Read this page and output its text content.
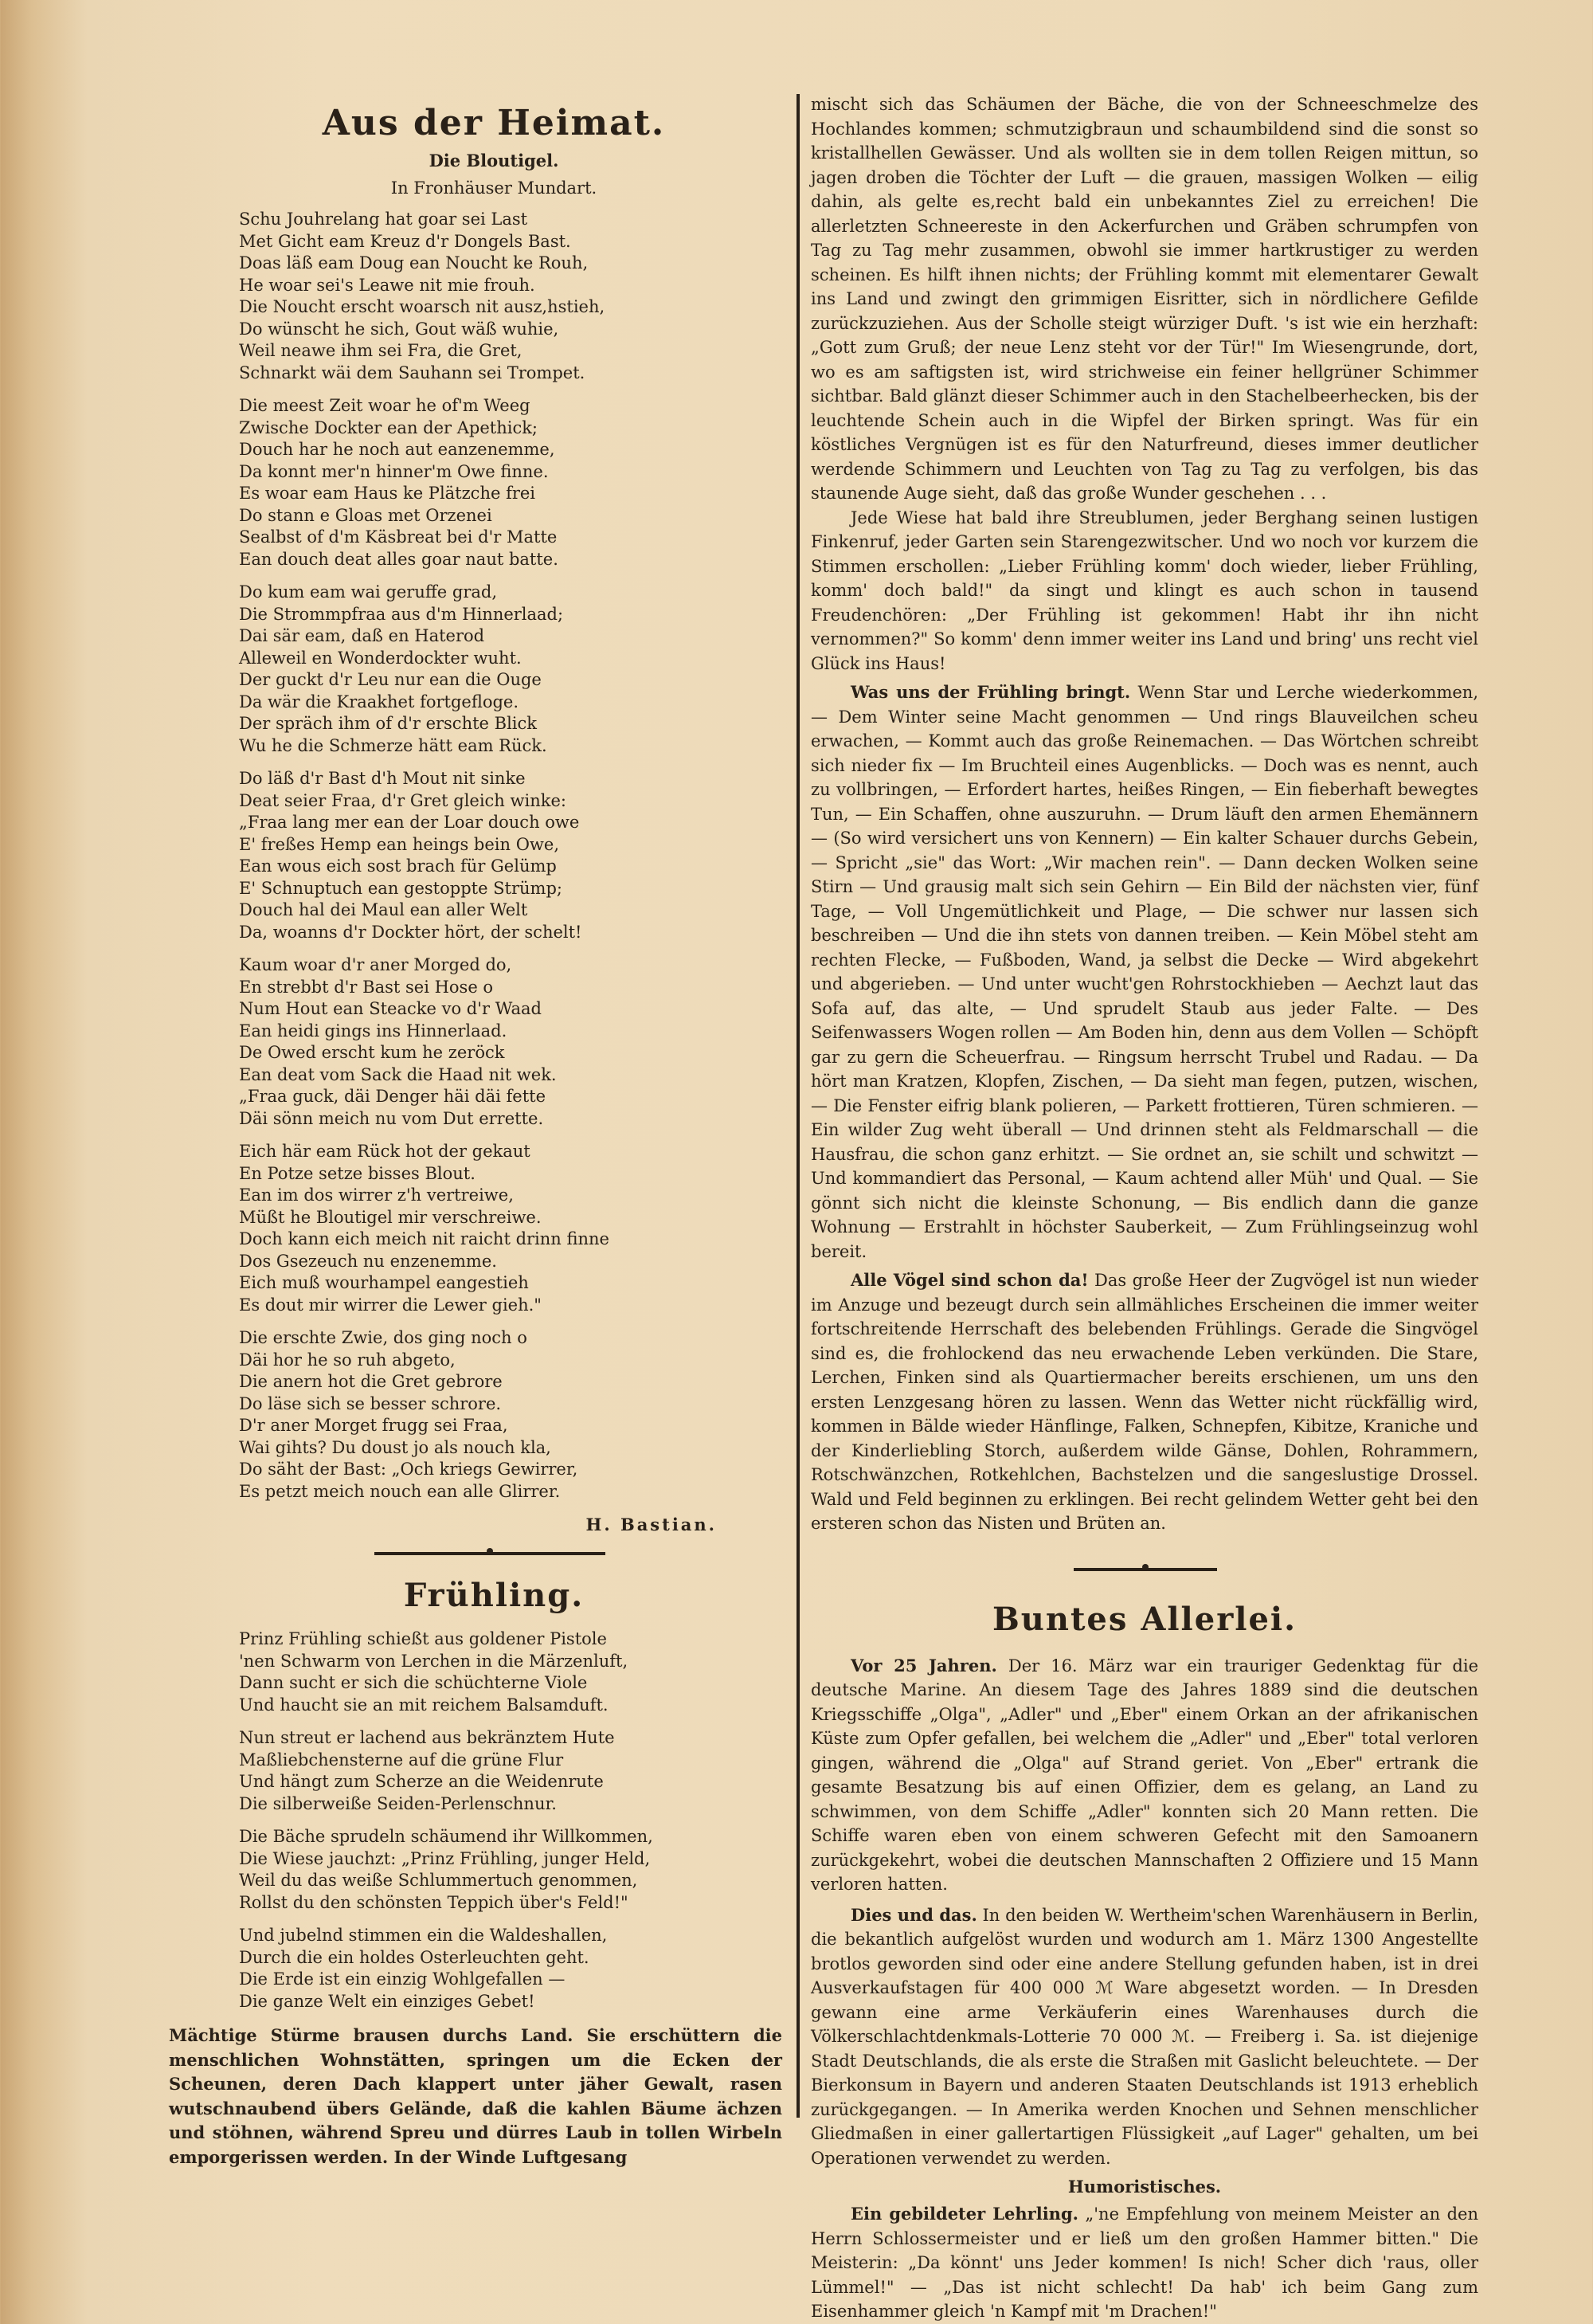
Aus der Heimat.
Die Bloutigel.
In Fronhäuser Mundart.
Schu Jouhrelang hat goar sei Last
Met Gicht eam Kreuz d'r Dongels Bast.
Doas läß eam Doug ean Noucht ke Rouh,
He woar sei's Leawe nit mie frouh.
Die Noucht erscht woarsch nit ausz,hstieh,
Do wünscht he sich, Gout wäß wuhie,
Weil neawe ihm sei Fra, die Gret,
Schnarkt wäi dem Sauhann sei Trompet.
Die meest Zeit woar he of'm Weeg
Zwische Dockter ean der Apethick;
Douch har he noch aut eanzenemme,
Da konnt mer'n hinner'm Owe finne.
Es woar eam Haus ke Plätzche frei
Do stann e Gloas met Orzenei
Sealbst of d'm Käsbreat bei d'r Matte
Ean douch deat alles goar naut batte.
Do kum eam wai geruffe grad,
Die Strommpfraa aus d'm Hinnerlaad;
Dai sär eam, daß en Haterod
Alleweil en Wonderdockter wuht.
Der guckt d'r Leu nur ean die Ouge
Da wär die Kraakhet fortgefloge.
Der spräch ihm of d'r erschte Blick
Wu he die Schmerze hätt eam Rück.
Do läß d'r Bast d'h Mout nit sinke
Deat seier Fraa, d'r Gret gleich winke:
„Fraa lang mer ean der Loar douch owe
E' freßes Hemp ean heings bein Owe,
Ean wous eich sost brach für Gelümp
E' Schnuptuch ean gestoppte Strümp;
Douch hal dei Maul ean aller Welt
Da, woanns d'r Dockter hört, der schelt!
Kaum woar d'r aner Morged do,
En strebbt d'r Bast sei Hose o
Num Hout ean Steacke vo d'r Waad
Ean heidi gings ins Hinnerlaad.
De Owed erscht kum he zeröck
Ean deat vom Sack die Haad nit wek.
„Fraa guck, däi Denger häi däi fette
Däi sönn meich nu vom Dut errette.
Eich här eam Rück hot der gekaut
En Potze setze bisses Blout.
Ean im dos wirrer z'h vertreiwe,
Müßt he Bloutigel mir verschreiwe.
Doch kann eich meich nit raicht drinn finne
Dos Gsezeuch nu enzenemme.
Eich muß wourhampel eangestieh
Es dout mir wirrer die Lewer gieh."
Die erschte Zwie, dos ging noch o
Däi hor he so ruh abgeto,
Die anern hot die Gret gebrore
Do läse sich se besser schrore.
D'r aner Morget frugg sei Fraa,
Wai gihts? Du doust jo als nouch kla,
Do säht der Bast: „Och kriegs Gewirrer,
Es petzt meich nouch ean alle Glirrer.
H. Bastian.
Frühling.
Prinz Frühling schießt aus goldener Pistole
'nen Schwarm von Lerchen in die Märzenluft,
Dann sucht er sich die schüchterne Viole
Und haucht sie an mit reichem Balsamduft.
Nun streut er lachend aus bekränztem Hute
Maßliebchensterne auf die grüne Flur
Und hängt zum Scherze an die Weidenrute
Die silberweiße Seiden-Perlenschnur.
Die Bäche sprudeln schäumend ihr Willkommen,
Die Wiese jauchzt: „Prinz Frühling, junger Held,
Weil du das weiße Schlummertuch genommen,
Rollst du den schönsten Teppich über's Feld!"
Und jubelnd stimmen ein die Waldeshallen,
Durch die ein holdes Osterleuchten geht.
Die Erde ist ein einzig Wohlgefallen —
Die ganze Welt ein einziges Gebet!

Mächtige Stürme brausen durchs Land. Sie erschüttern die menschlichen Wohnstätten, springen um die Ecken der Scheunen, deren Dach klappert unter jäher Gewalt, rasen wutschnaubend übers Gelände, daß die kahlen Bäume ächzen und stöhnen, während Spreu und dürres Laub in tollen Wirbeln emporgerissen werden. In der Winde Luftgesang

mischt sich das Schäumen der Bäche, die von der Schneeschmelze des Hochlandes kommen; schmutzigbraun und schaumbildend sind die sonst so kristallhellen Gewässer. Und als wollten sie in dem tollen Reigen mittun, so jagen droben die Töchter der Luft — die grauen, massigen Wolken — eilig dahin, als gelte es,recht bald ein unbekanntes Ziel zu erreichen! Die allerletzten Schneereste in den Ackerfurchen und Gräben schrumpfen von Tag zu Tag mehr zusammen, obwohl sie immer hartkrustiger zu werden scheinen. Es hilft ihnen nichts; der Frühling kommt mit elementarer Gewalt ins Land und zwingt den grimmigen Eisritter, sich in nördlichere Gefilde zurückzuziehen. Aus der Scholle steigt würziger Duft. 's ist wie ein herzhaft: „Gott zum Gruß; der neue Lenz steht vor der Tür!" Im Wiesengrunde, dort, wo es am saftigsten ist, wird strichweise ein feiner hellgrüner Schimmer sichtbar. Bald glänzt dieser Schimmer auch in den Stachelbeerhecken, bis der leuchtende Schein auch in die Wipfel der Birken springt. Was für ein köstliches Vergnügen ist es für den Naturfreund, dieses immer deutlicher werdende Schimmern und Leuchten von Tag zu Tag zu verfolgen, bis das staunende Auge sieht, daß das große Wunder geschehen . . .

Jede Wiese hat bald ihre Streublumen, jeder Berghang seinen lustigen Finkenruf, jeder Garten sein Starengezwitscher. Und wo noch vor kurzem die Stimmen erschollen: „Lieber Frühling komm' doch wieder, lieber Frühling, komm' doch bald!" da singt und klingt es auch schon in tausend Freudenchören: „Der Frühling ist gekommen! Habt ihr ihn nicht vernommen?" So komm' denn immer weiter ins Land und bring' uns recht viel Glück ins Haus!

Was uns der Frühling bringt. Wenn Star und Lerche wiederkommen, — Dem Winter seine Macht genommen — Und rings Blauveilchen scheu erwachen, — Kommt auch das große Reinemachen. — Das Wörtchen schreibt sich nieder fix — Im Bruchteil eines Augenblicks. — Doch was es nennt, auch zu vollbringen, — Erfordert hartes, heißes Ringen, — Ein fieberhaft bewegtes Tun, — Ein Schaffen, ohne auszuruhn. — Drum läuft den armen Ehemännern — (So wird versichert uns von Kennern) — Ein kalter Schauer durchs Gebein, — Spricht „sie" das Wort: „Wir machen rein". — Dann decken Wolken seine Stirn — Und grausig malt sich sein Gehirn — Ein Bild der nächsten vier, fünf Tage, — Voll Ungemütlichkeit und Plage, — Die schwer nur lassen sich beschreiben — Und die ihn stets von dannen treiben. — Kein Möbel steht am rechten Flecke, — Fußboden, Wand, ja selbst die Decke — Wird abgekehrt und abgerieben. — Und unter wucht'gen Rohrstockhieben — Aechzt laut das Sofa auf, das alte, — Und sprudelt Staub aus jeder Falte. — Des Seifenwassers Wogen rollen — Am Boden hin, denn aus dem Vollen — Schöpft gar zu gern die Scheuerfrau. — Ringsum herrscht Trubel und Radau. — Da hört man Kratzen, Klopfen, Zischen, — Da sieht man fegen, putzen, wischen, — Die Fenster eifrig blank polieren, — Parkett frottieren, Türen schmieren. — Ein wilder Zug weht überall — Und drinnen steht als Feldmarschall — die Hausfrau, die schon ganz erhitzt. — Sie ordnet an, sie schilt und schwitzt — Und kommandiert das Personal, — Kaum achtend aller Müh' und Qual. — Sie gönnt sich nicht die kleinste Schonung, — Bis endlich dann die ganze Wohnung — Erstrahlt in höchster Sauberkeit, — Zum Frühlingseinzug wohl bereit.

Alle Vögel sind schon da! Das große Heer der Zugvögel ist nun wieder im Anzuge und bezeugt durch sein allmähliches Erscheinen die immer weiter fortschreitende Herrschaft des belebenden Frühlings. Gerade die Singvögel sind es, die frohlockend das neu erwachende Leben verkünden. Die Stare, Lerchen, Finken sind als Quartiermacher bereits erschienen, um uns den ersten Lenzgesang hören zu lassen. Wenn das Wetter nicht rückfällig wird, kommen in Bälde wieder Hänflinge, Falken, Schnepfen, Kibitze, Kraniche und der Kinderliebling Storch, außerdem wilde Gänse, Dohlen, Rohrammern, Rotschwänzchen, Rotkehlchen, Bachstelzen und die sangeslustige Drossel. Wald und Feld beginnen zu erklingen. Bei recht gelindem Wetter geht bei den ersteren schon das Nisten und Brüten an.

Buntes Allerlei.

Vor 25 Jahren. Der 16. März war ein trauriger Gedenktag für die deutsche Marine. An diesem Tage des Jahres 1889 sind die deutschen Kriegsschiffe „Olga", „Adler" und „Eber" einem Orkan an der afrikanischen Küste zum Opfer gefallen, bei welchem die „Adler" und „Eber" total verloren gingen, während die „Olga" auf Strand geriet. Von „Eber" ertrank die gesamte Besatzung bis auf einen Offizier, dem es gelang, an Land zu schwimmen, von dem Schiffe „Adler" konnten sich 20 Mann retten. Die Schiffe waren eben von einem schweren Gefecht mit den Samoanern zurückgekehrt, wobei die deutschen Mannschaften 2 Offiziere und 15 Mann verloren hatten.

Dies und das. In den beiden W. Wertheim'schen Warenhäusern in Berlin, die bekantlich aufgelöst wurden und wodurch am 1. März 1300 Angestellte brotlos geworden sind oder eine andere Stellung gefunden haben, ist in drei Ausverkaufstagen für 400 000 ℳ Ware abgesetzt worden. — In Dresden gewann eine arme Verkäuferin eines Warenhauses durch die Völkerschlachtdenkmals-Lotterie 70 000 ℳ. — Freiberg i. Sa. ist diejenige Stadt Deutschlands, die als erste die Straßen mit Gaslicht beleuchtete. — Der Bierkonsum in Bayern und anderen Staaten Deutschlands ist 1913 erheblich zurückgegangen. — In Amerika werden Knochen und Sehnen menschlicher Gliedmaßen in einer gallertartigen Flüssigkeit „auf Lager" gehalten, um bei Operationen verwendet zu werden.

Humoristisches.

Ein gebildeter Lehrling. „'ne Empfehlung von meinem Meister an den Herrn Schlossermeister und er ließ um den großen Hammer bitten." Die Meisterin: „Da könnt' uns Jeder kommen! Is nich! Scher dich 'raus, oller Lümmel!" — „Das ist nicht schlecht! Da hab' ich beim Gang zum Eisenhammer gleich 'n Kampf mit 'm Drachen!"
